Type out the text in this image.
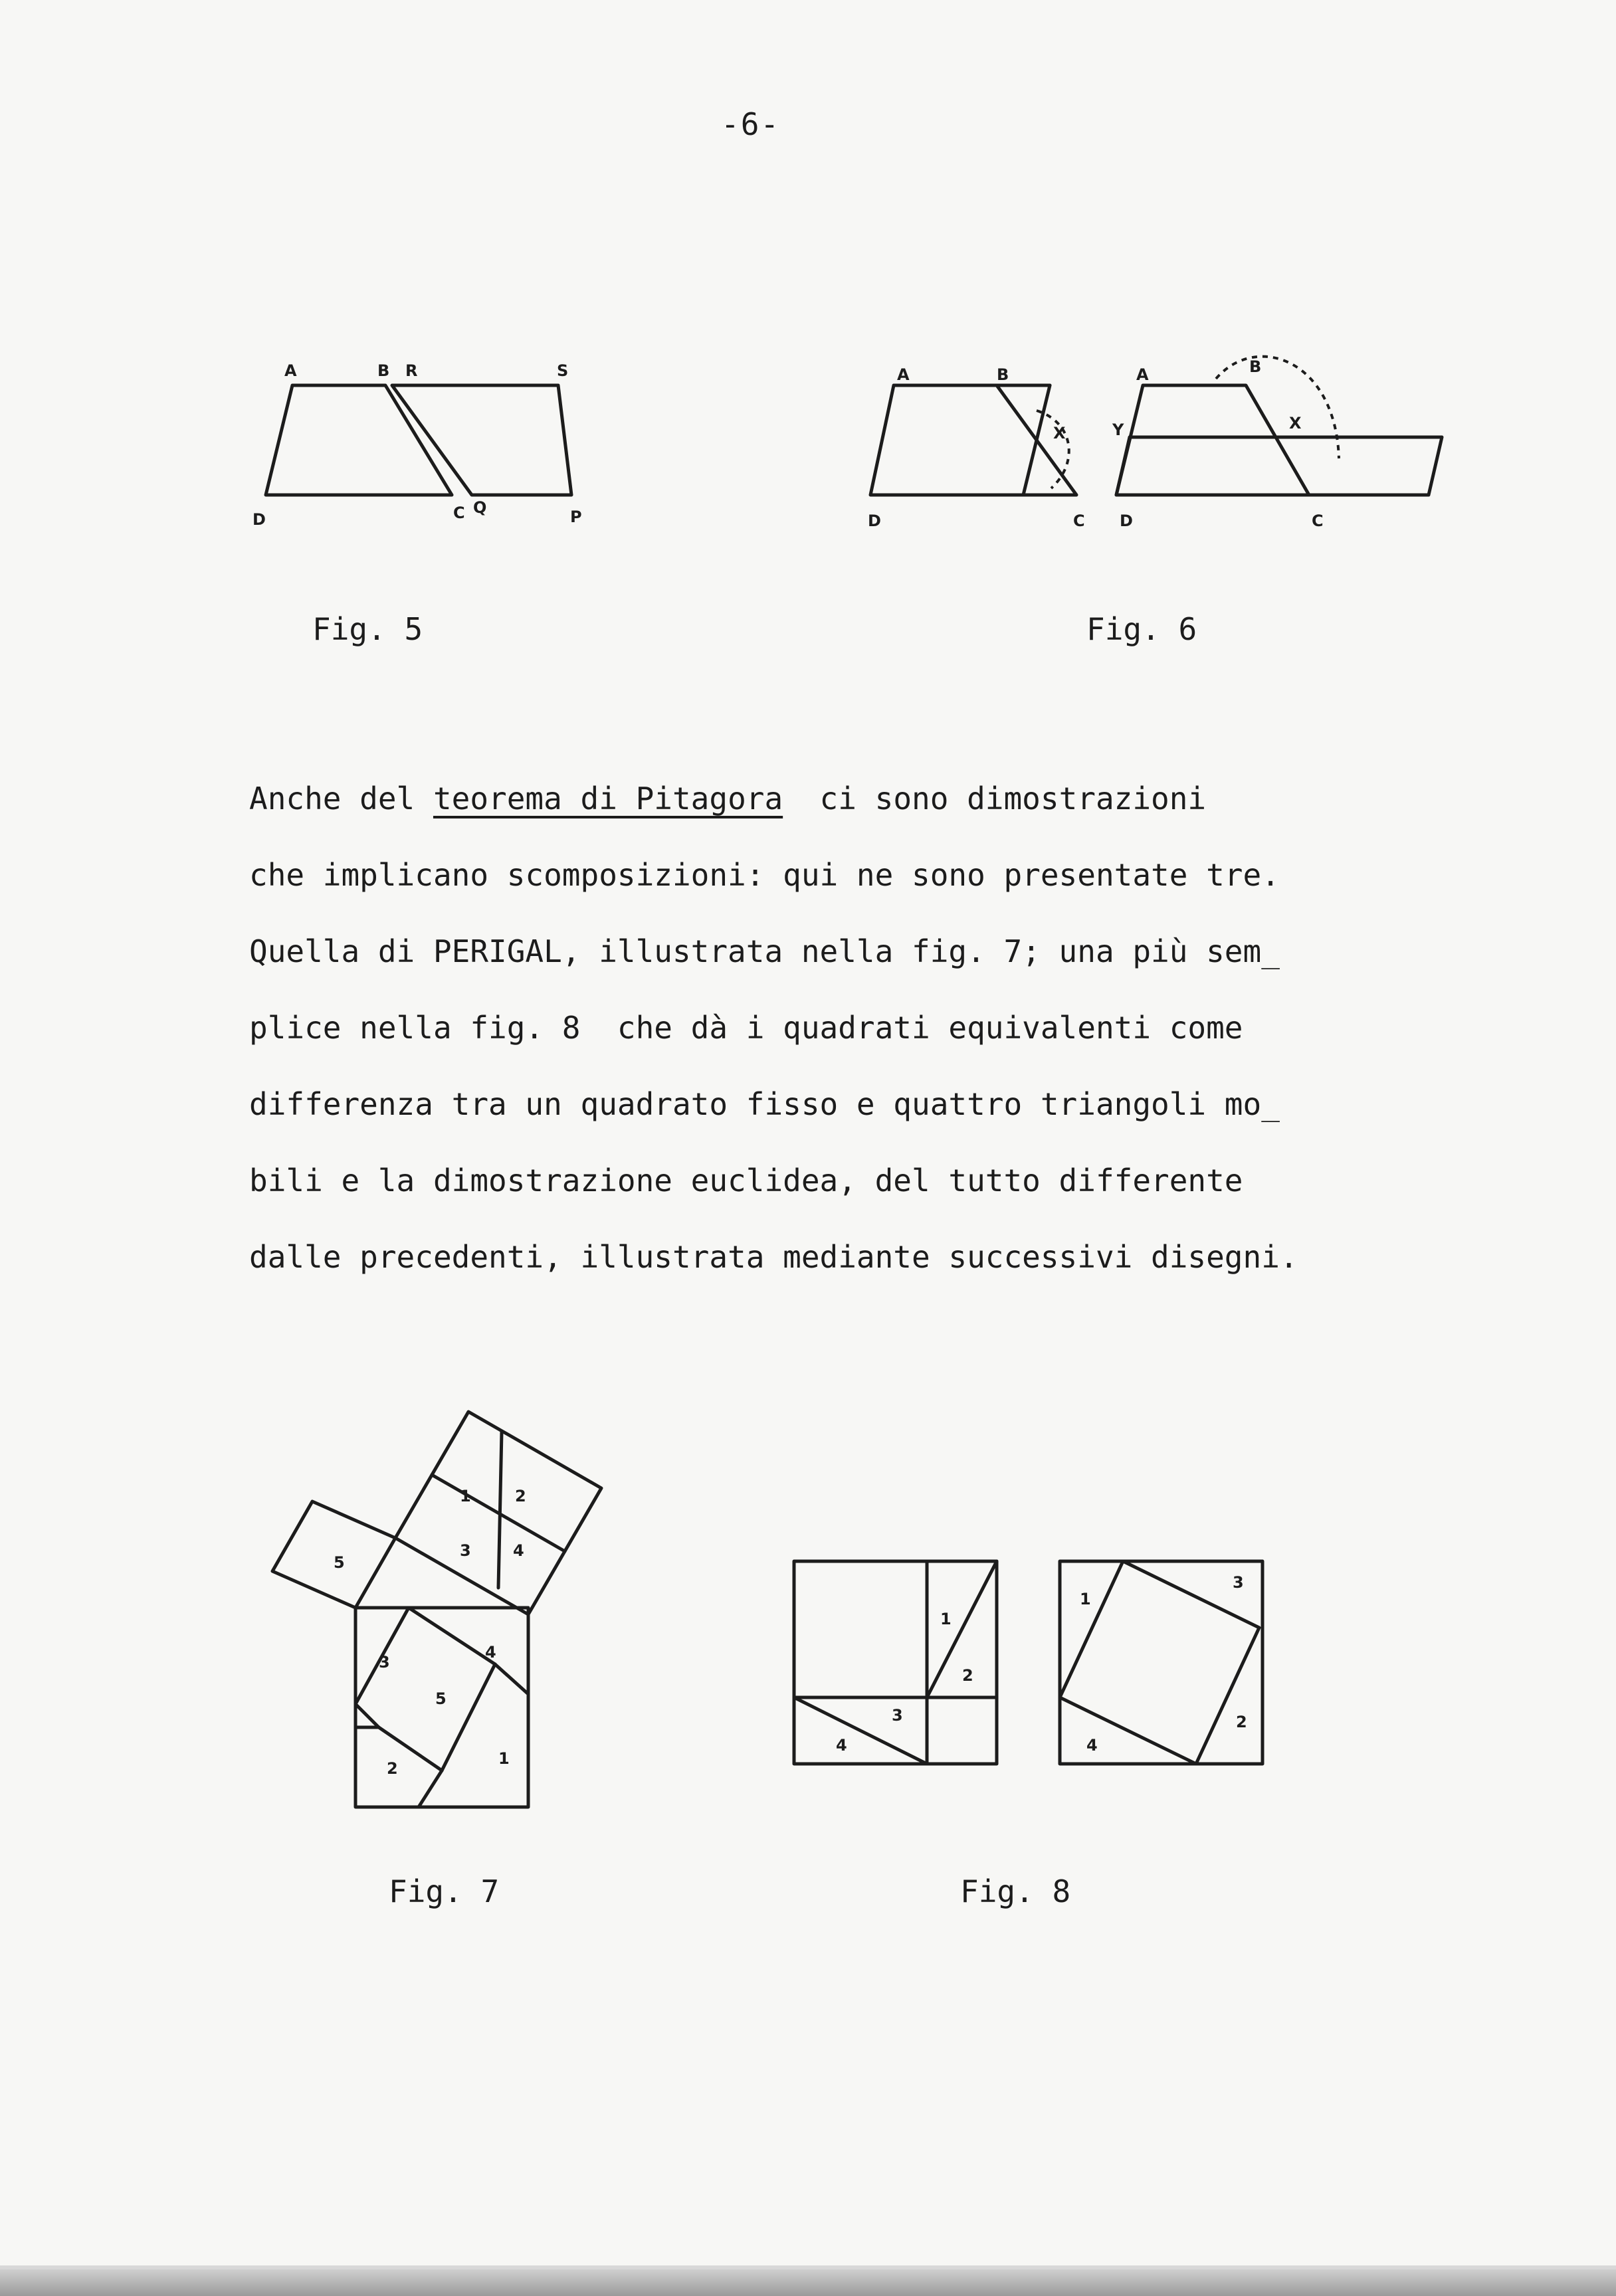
-6-
A	B R	S
D	C Q	P
Fig. 5
A	B
X
D	C
A	B
Y	X
D	C
Fig. 6
Anche del teorema di Pitagora  ci sono dimostrazioni
che implicano scomposizioni: qui ne sono presentate tre.
Quella di PERIGAL, illustrata nella fig. 7; una più sem_
plice nella fig. 8  che dà i quadrati equivalenti come
differenza tra un quadrato fisso e quattro triangoli mo_
bili e la dimostrazione euclidea, del tutto differente
dalle precedenti, illustrata mediante successivi disegni.
1	2
3	4
5
3
4
5
2
1
Fig. 7
1
2
3
4
1
3
2
4
Fig. 8
